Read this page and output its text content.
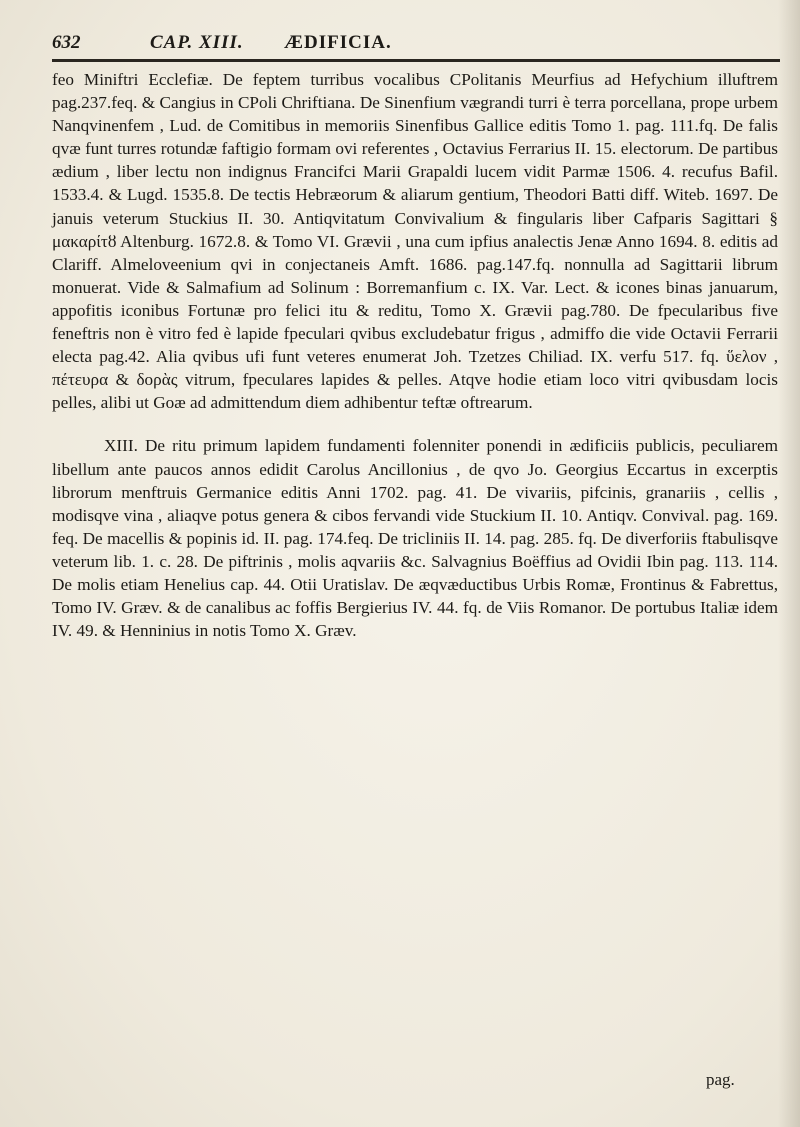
632	CAP. XIII. ÆDIFICIA.

feo Miniftri Ecclefiæ. De feptem turribus vocalibus CPolitanis Meurfius ad Hefychium illuftrem pag.237.feq. & Cangius in CPoli Chriftiana. De Sinenfium vægrandi turri è terra porcellana, prope urbem Nanqvinenfem , Lud. de Comitibus in memoriis Sinenfibus Gallice editis Tomo 1. pag. 111.fq. De falis qvæ funt turres rotundæ faftigio formam ovi referentes , Octavius Ferrarius II. 15. electorum. De partibus ædium , liber lectu non indignus Francifci Marii Grapaldi lucem vidit Parmæ 1506. 4. recufus Bafil. 1533.4. & Lugd. 1535.8. De tectis Hebræorum & aliarum gentium, Theodori Batti diff. Witeb. 1697. De januis veterum Stuckius II. 30. Antiqvitatum Convivalium & fingularis liber Cafparis Sagittari § μακαρίτȣ Altenburg. 1672.8. & Tomo VI. Grævii , una cum ipfius analectis Jenæ Anno 1694. 8. editis ad Clariff. Almeloveenium qvi in conjectaneis Amft. 1686. pag.147.fq. nonnulla ad Sagittarii librum monuerat. Vide & Salmafium ad Solinum : Borremanfium c. IX. Var. Lect. & icones binas januarum, appofitis iconibus Fortunæ pro felici itu & reditu, Tomo X. Grævii pag.780. De fpecularibus five feneftris non è vitro fed è lapide fpeculari qvibus excludebatur frigus , admiffo die vide Octavii Ferrarii electa pag.42. Alia qvibus ufi funt veteres enumerat Joh. Tzetzes Chiliad. IX. verfu 517. fq. ὕελον , πέτευρα & δορὰς vitrum, fpeculares lapides & pelles. Atqve hodie etiam loco vitri qvibusdam locis pelles, alibi ut Goæ ad admittendum diem adhibentur teftæ oftrearum.

XIII. De ritu primum lapidem fundamenti folenniter ponendi in ædificiis publicis, peculiarem libellum ante paucos annos edidit Carolus Ancillonius , de qvo Jo. Georgius Eccartus in excerptis librorum menftruis Germanice editis Anni 1702. pag. 41. De vivariis, pifcinis, granariis , cellis , modisqve vina , aliaqve potus genera & cibos fervandi vide Stuckium II. 10. Antiqv. Convival. pag. 169. feq. De macellis & popinis id. II. pag. 174.feq. De tricliniis II. 14. pag. 285. fq. De diverforiis ftabulisqve veterum lib. 1. c. 28. De piftrinis , molis aqvariis &c. Salvagnius Boëffius ad Ovidii Ibin pag. 113. 114. De molis etiam Henelius cap. 44. Otii Uratislav. De æqvæductibus Urbis Romæ, Frontinus & Fabrettus, Tomo IV. Græv. & de canalibus ac foffis Bergierius IV. 44. fq. de Viis Romanor. De portubus Italiæ idem IV. 49. & Henninius in notis Tomo X. Græv.

pag.
